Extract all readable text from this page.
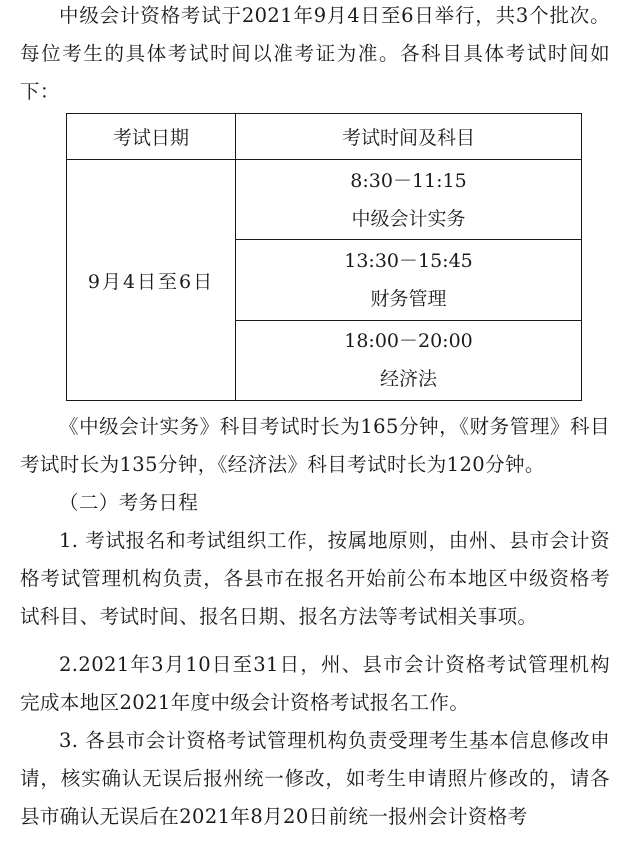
中级会计资格考试于2021年9月4日至6日举行，共3个批次。每位考生的具体考试时间以准考证为准。各科目具体考试时间如下：

考试日期	考试时间及科目
9月4日至6日	8:30－11:15
中级会计实务

	13:30－15:45
财务管理

	18:00－20:00
经济法

《中级会计实务》科目考试时长为165分钟，《财务管理》科目考试时长为135分钟，《经济法》科目考试时长为120分钟。

（二）考务日程

1. 考试报名和考试组织工作，按属地原则，由州、县市会计资格考试管理机构负责，各县市在报名开始前公布本地区中级资格考试科目、考试时间、报名日期、报名方法等考试相关事项。

2.2021年3月10日至31日，州、县市会计资格考试管理机构完成本地区2021年度中级会计资格考试报名工作。

3. 各县市会计资格考试管理机构负责受理考生基本信息修改申请，核实确认无误后报州统一修改，如考生申请照片修改的，请各县市确认无误后在2021年8月20日前统一报州会计资格考
